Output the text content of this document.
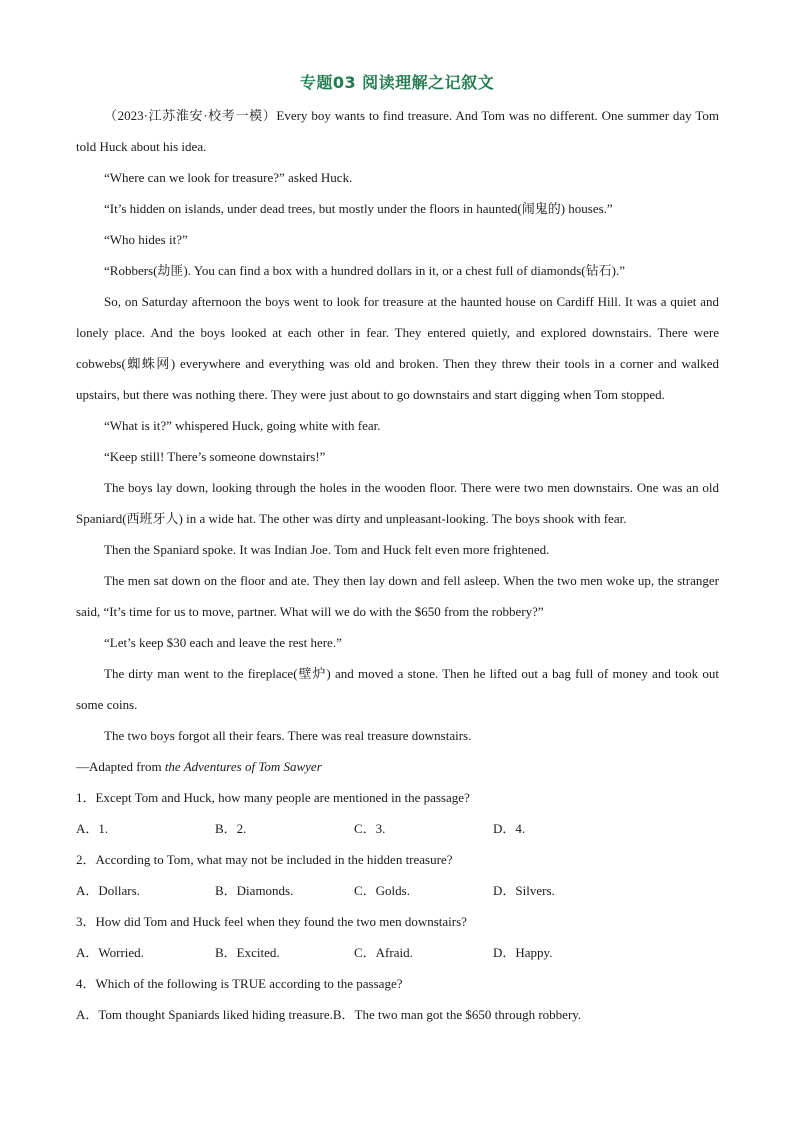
专题03 阅读理解之记叙文

（2023·江苏淮安·校考一模）Every boy wants to find treasure. And Tom was no different. One summer day Tom told Huck about his idea.

“Where can we look for treasure?” asked Huck.

“It’s hidden on islands, under dead trees, but mostly under the floors in haunted(闹鬼的) houses.”

“Who hides it?”

“Robbers(劫匪). You can find a box with a hundred dollars in it, or a chest full of diamonds(钻石).”

So, on Saturday afternoon the boys went to look for treasure at the haunted house on Cardiff Hill. It was a quiet and lonely place. And the boys looked at each other in fear. They entered quietly, and explored downstairs. There were cobwebs(蜘蛛网) everywhere and everything was old and broken. Then they threw their tools in a corner and walked upstairs, but there was nothing there. They were just about to go downstairs and start digging when Tom stopped.

“What is it?” whispered Huck, going white with fear.

“Keep still! There’s someone downstairs!”

The boys lay down, looking through the holes in the wooden floor. There were two men downstairs. One was an old Spaniard(西班牙人) in a wide hat. The other was dirty and unpleasant-looking. The boys shook with fear.

Then the Spaniard spoke. It was Indian Joe. Tom and Huck felt even more frightened.

The men sat down on the floor and ate. They then lay down and fell asleep. When the two men woke up, the stranger said, “It’s time for us to move, partner. What will we do with the $650 from the robbery?”

“Let’s keep $30 each and leave the rest here.”

The dirty man went to the fireplace(壁炉) and moved a stone. Then he lifted out a bag full of money and took out some coins.

The two boys forgot all their fears. There was real treasure downstairs.

—Adapted from the Adventures of Tom Sawyer

1．Except Tom and Huck, how many people are mentioned in the passage?

A．1.	B．2.	C．3.	D．4.

2．According to Tom, what may not be included in the hidden treasure?

A．Dollars.	B．Diamonds.	C．Golds.	D．Silvers.

3．How did Tom and Huck feel when they found the two men downstairs?

A．Worried.	B．Excited.	C．Afraid.	D．Happy.

4．Which of the following is TRUE according to the passage?

A．Tom thought Spaniards liked hiding treasure. B．The two man got the $650 through robbery.
